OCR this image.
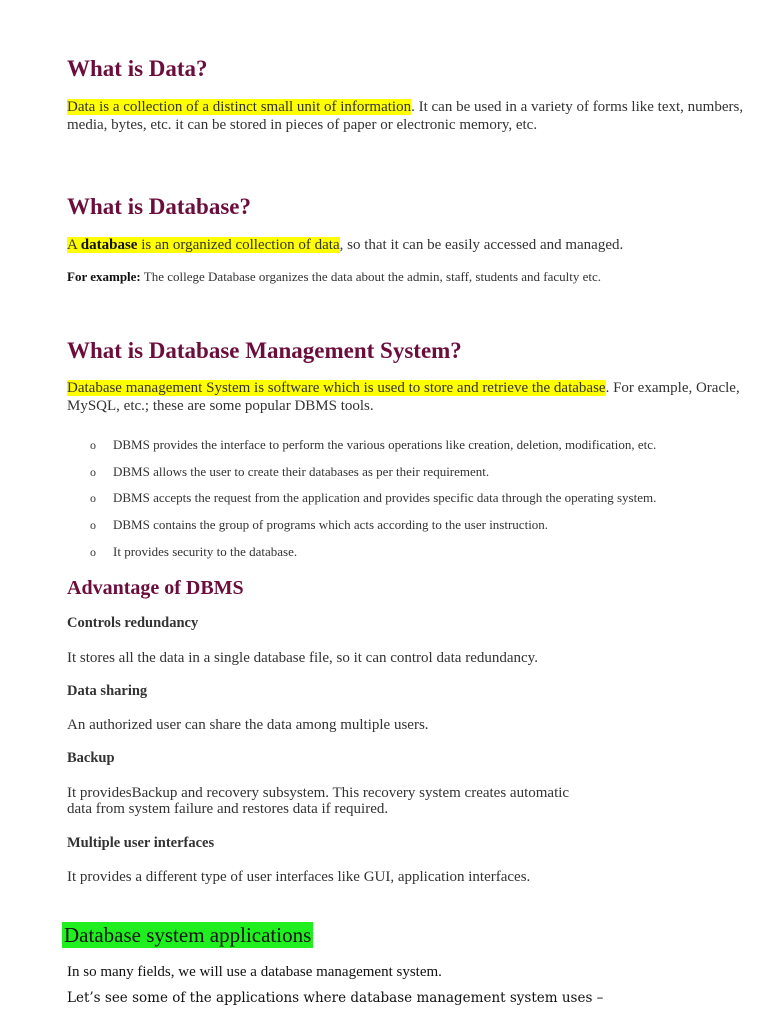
What is Data?

Data is a collection of a distinct small unit of information. It can be used in a variety of forms like text, numbers, media, bytes, etc. it can be stored in pieces of paper or electronic memory, etc.

What is Database?

A database is an organized collection of data, so that it can be easily accessed and managed.

For example: The college Database organizes the data about the admin, staff, students and faculty etc.

What is Database Management System?

Database management System is software which is used to store and retrieve the database. For example, Oracle, MySQL, etc.; these are some popular DBMS tools.

o DBMS provides the interface to perform the various operations like creation, deletion, modification, etc.
o DBMS allows the user to create their databases as per their requirement.
o DBMS accepts the request from the application and provides specific data through the operating system.
o DBMS contains the group of programs which acts according to the user instruction.
o It provides security to the database.
Advantage of DBMS
Controls redundancy

It stores all the data in a single database file, so it can control data redundancy.

Data sharing

An authorized user can share the data among multiple users.

Backup

It providesBackup and recovery subsystem. This recovery system creates automatic

data from system failure and restores data if required.

Multiple user interfaces

It provides a different type of user interfaces like GUI, application interfaces.

Database system applications

In so many fields, we will use a database management system.

Let’s see some of the applications where database management system uses –
